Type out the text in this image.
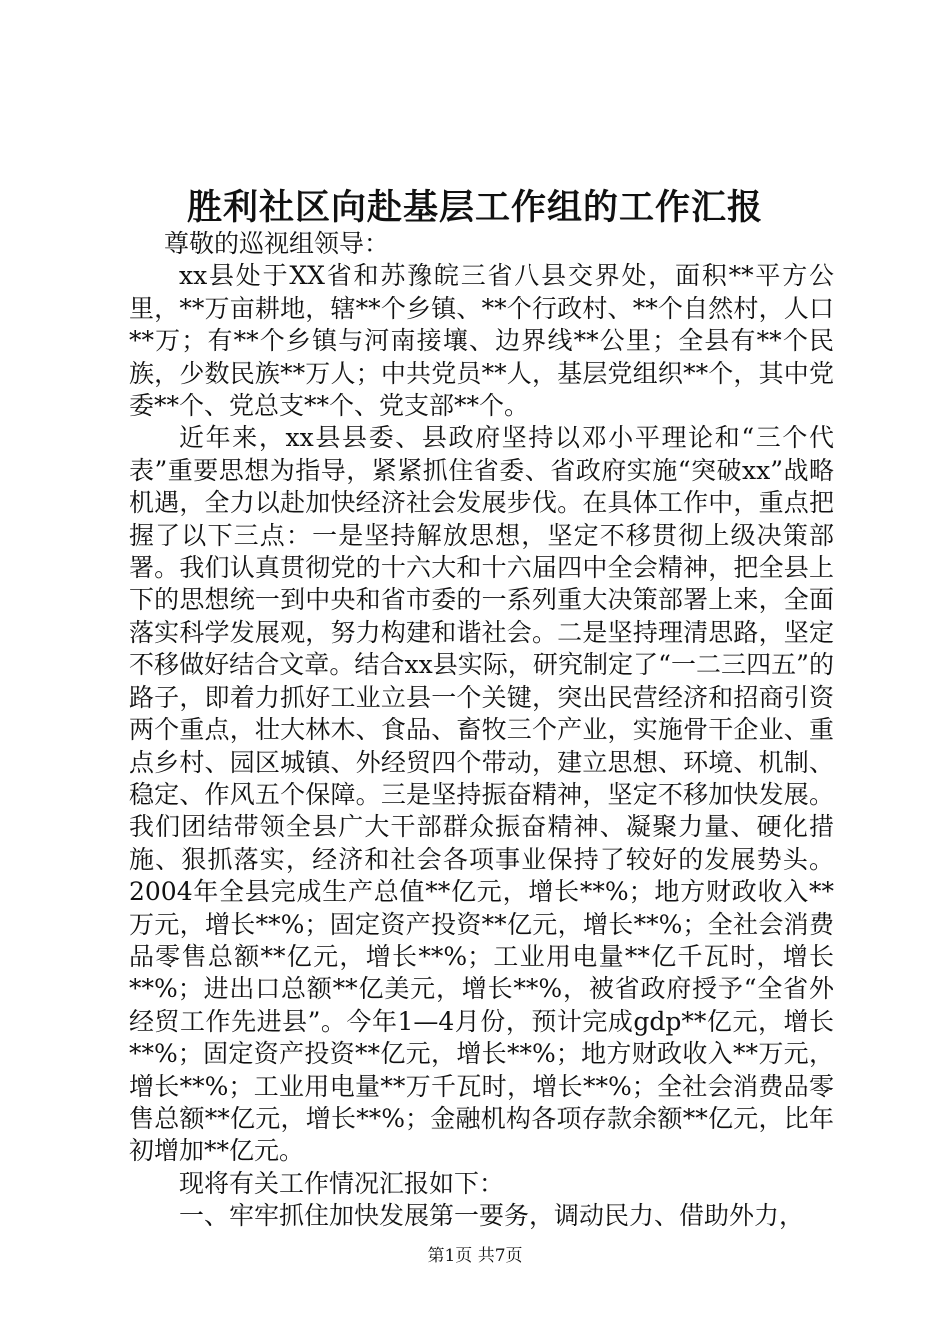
胜利社区向赴基层工作组的工作汇报

尊敬的巡视组领导：

xx县处于XX省和苏豫皖三省八县交界处，面积**平方公里，**万亩耕地，辖**个乡镇、**个行政村、**个自然村，人口**万；有**个乡镇与河南接壤、边界线**公里；全县有**个民族，少数民族**万人；中共党员**人，基层党组织**个，其中党委**个、党总支**个、党支部**个。

近年来，xx县县委、县政府坚持以邓小平理论和“三个代表”重要思想为指导，紧紧抓住省委、省政府实施“突破xx”战略机遇，全力以赴加快经济社会发展步伐。在具体工作中，重点把握了以下三点：一是坚持解放思想，坚定不移贯彻上级决策部署。我们认真贯彻党的十六大和十六届四中全会精神，把全县上下的思想统一到中央和省市委的一系列重大决策部署上来，全面落实科学发展观，努力构建和谐社会。二是坚持理清思路，坚定不移做好结合文章。结合xx县实际，研究制定了“一二三四五”的路子，即着力抓好工业立县一个关键，突出民营经济和招商引资两个重点，壮大林木、食品、畜牧三个产业，实施骨干企业、重点乡村、园区城镇、外经贸四个带动，建立思想、环境、机制、稳定、作风五个保障。三是坚持振奋精神，坚定不移加快发展。我们团结带领全县广大干部群众振奋精神、凝聚力量、硬化措施、狠抓落实，经济和社会各项事业保持了较好的发展势头。2004年全县完成生产总值**亿元，增长**%；地方财政收入**万元，增长**%；固定资产投资**亿元，增长**%；全社会消费品零售总额**亿元，增长**%；工业用电量**亿千瓦时，增长**%；进出口总额**亿美元，增长**%，被省政府授予“全省外经贸工作先进县”。今年1—4月份，预计完成gdp**亿元，增长**%；固定资产投资**亿元，增长**%；地方财政收入**万元，增长**%；工业用电量**万千瓦时，增长**%；全社会消费品零售总额**亿元，增长**%；金融机构各项存款余额**亿元，比年初增加**亿元。

现将有关工作情况汇报如下：

一、牢牢抓住加快发展第一要务，调动民力、借助外力，

第1页 共7页
